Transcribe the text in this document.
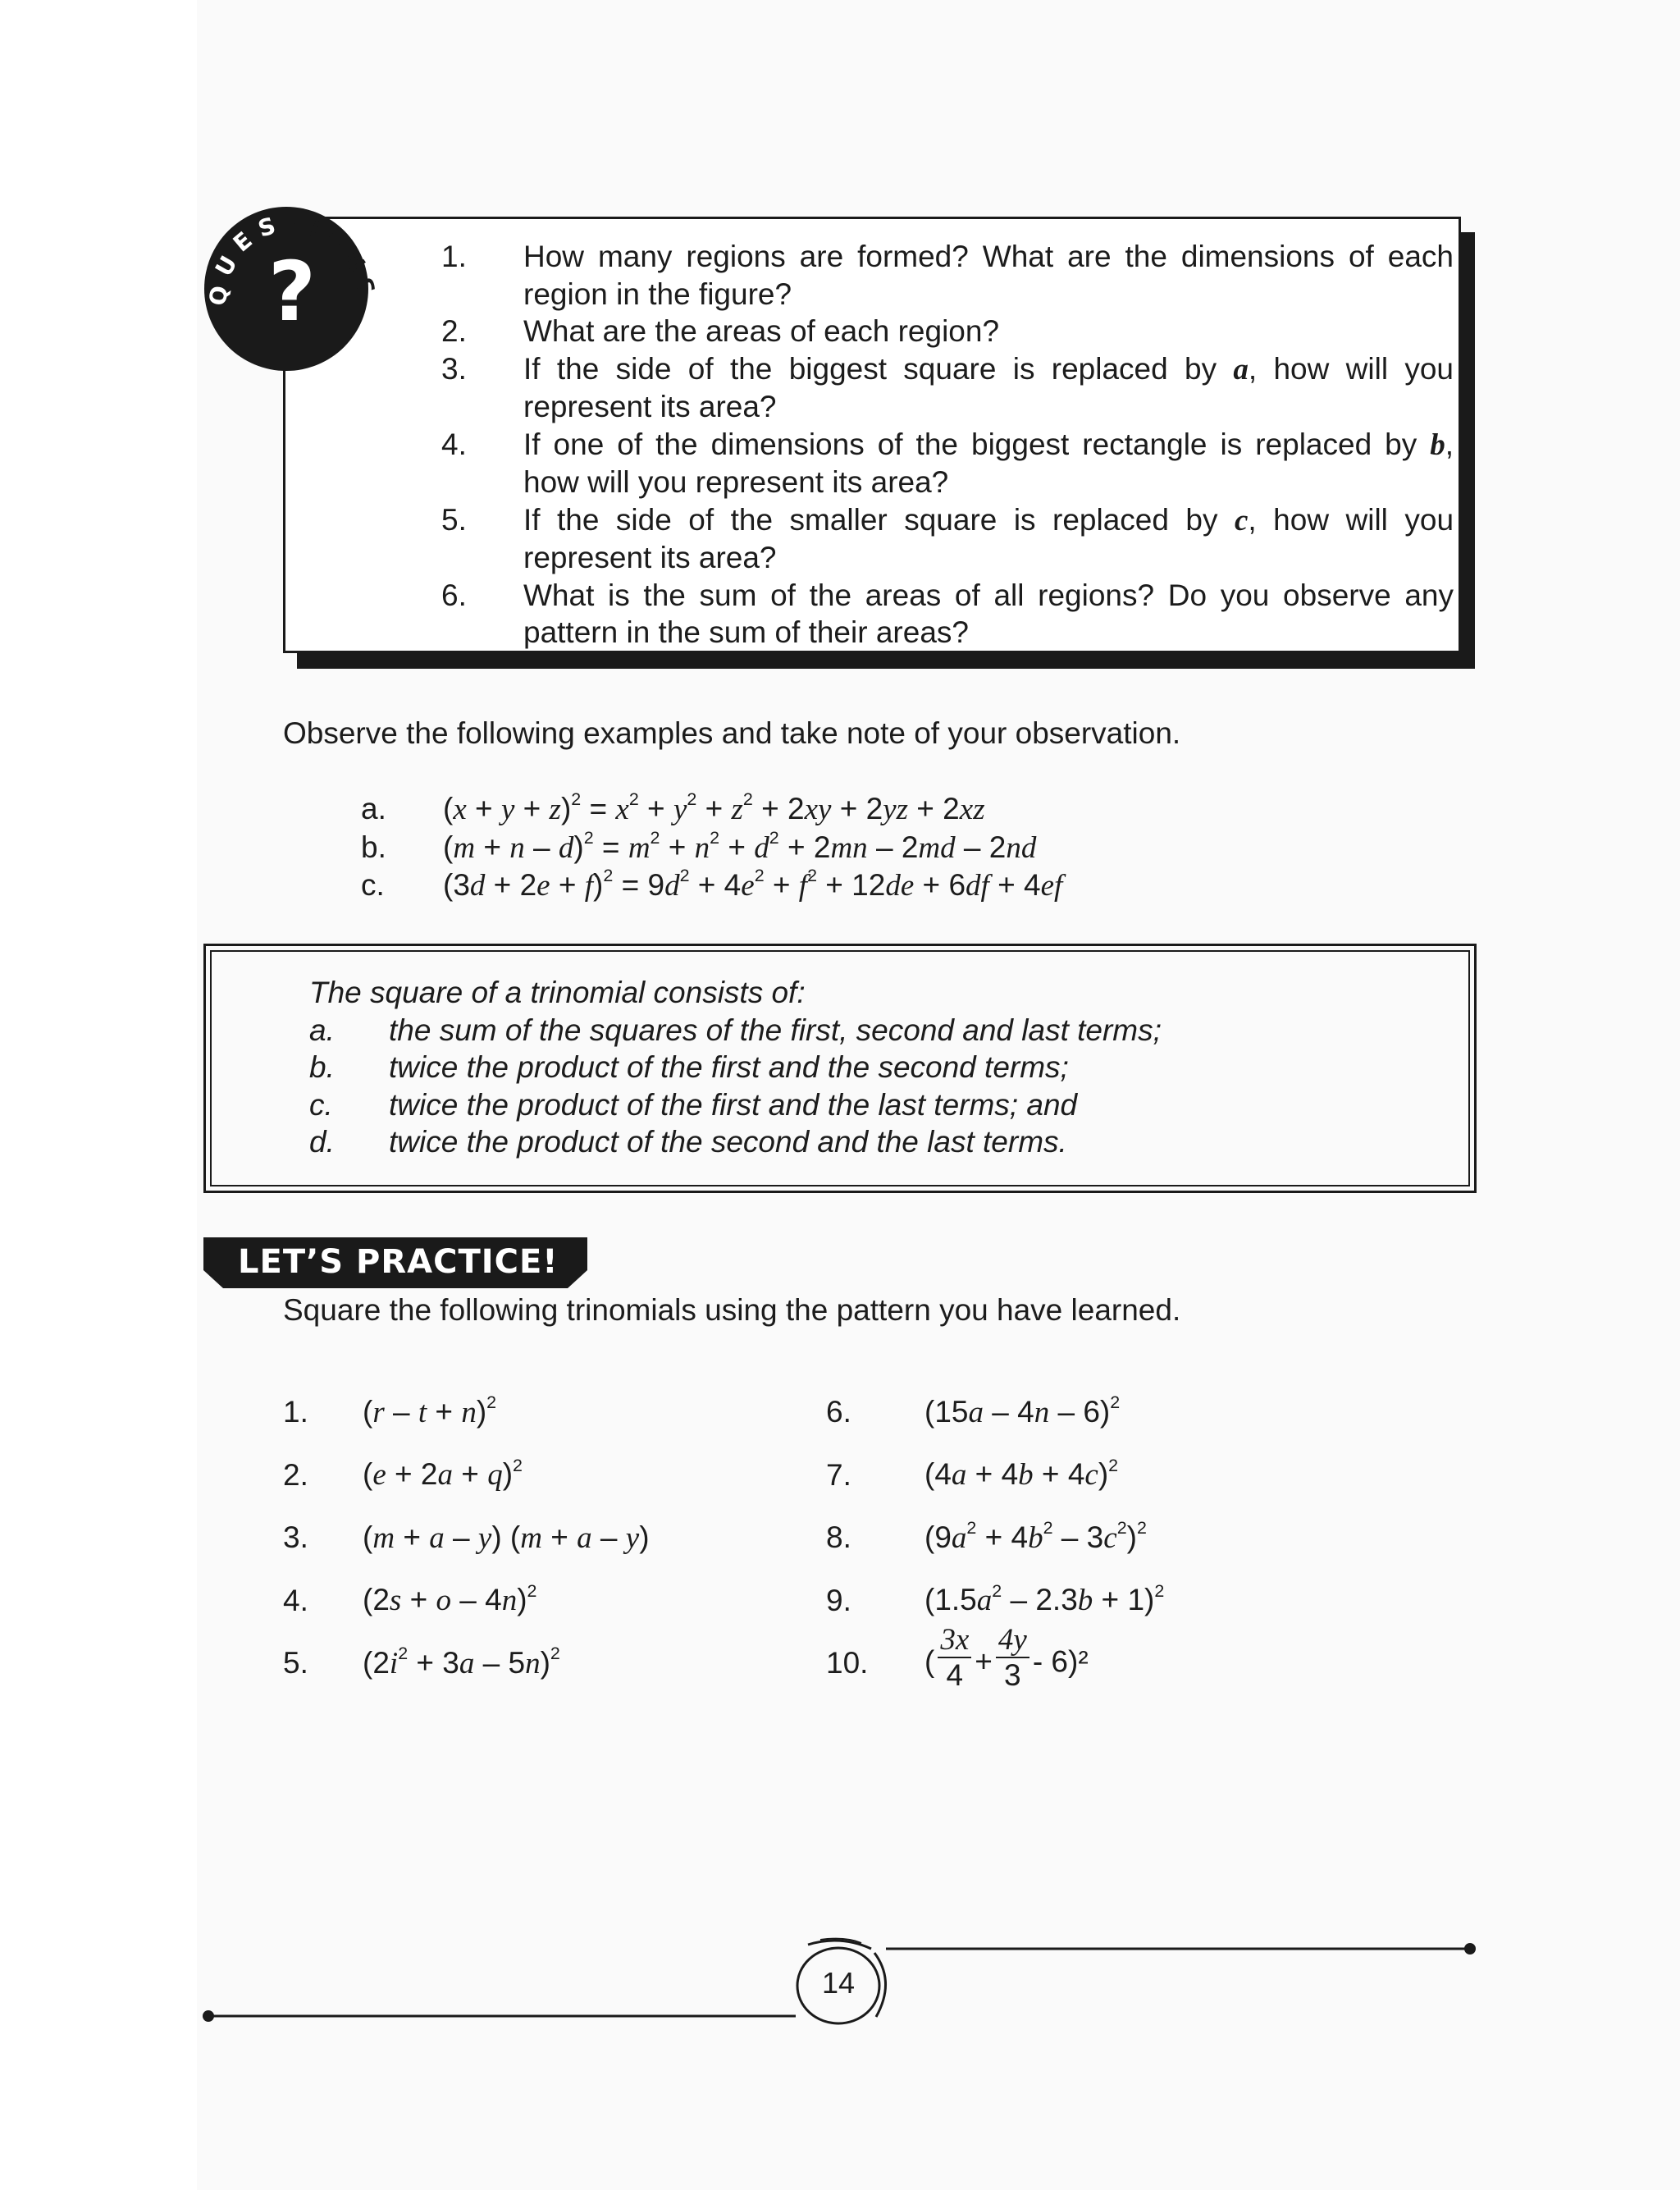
?
Q
U
E
S T I
O
N
S
1.	How many regions are formed? What are the dimensions of each region in the figure?
2.	What are the areas of each region?
3.	If the side of the biggest square is replaced by a, how will you represent its area?
4.	If one of the dimensions of the biggest rectangle is replaced by b, how will you represent its area?
5.	If the side of the smaller square is replaced by c, how will you represent its area?
6.	What is the sum of the areas of all regions? Do you observe any pattern in the sum of their areas?
Observe the following examples and take note of your observation.
a.	$(x + y + z)^2 = x^2 + y^2 + z^2 + 2xy + 2yz + 2xz$
b.	$(m + n - d)^2 = m^2 + n^2 + d^2 + 2mn - 2md - 2nd$
c.	$(3d + 2e + f)^2 = 9d^2 + 4e^2 + f^2 + 12de + 6df + 4ef$
The square of a trinomial consists of:
a.	the sum of the squares of the first, second and last terms;
b.	twice the product of the first and the second terms;
c.	twice the product of the first and the last terms; and
d.	twice the product of the second and the last terms.
LET’S PRACTICE!
Square the following trinomials using the pattern you have learned.
1.	$(r - t + n)^2$
2.	$(e + 2a + q)^2$
3.	(m + a – y) (m + a – y)
4.	$(2s + o - 4n)^2$
5.	$(2i^2 + 3a - 5n)^2$
6.	(15a – 4n – 6)$^2$
7.	$(4a + 4b + 4c)^2$
8.	$(9a^2 + 4b^2 - 3c^2)^2$
9.	$(1.5a^2 - 2.3b + 1)^2$
10.	( $\frac{3x}{4} + \frac{4y}{3} - 6)^2$
14
